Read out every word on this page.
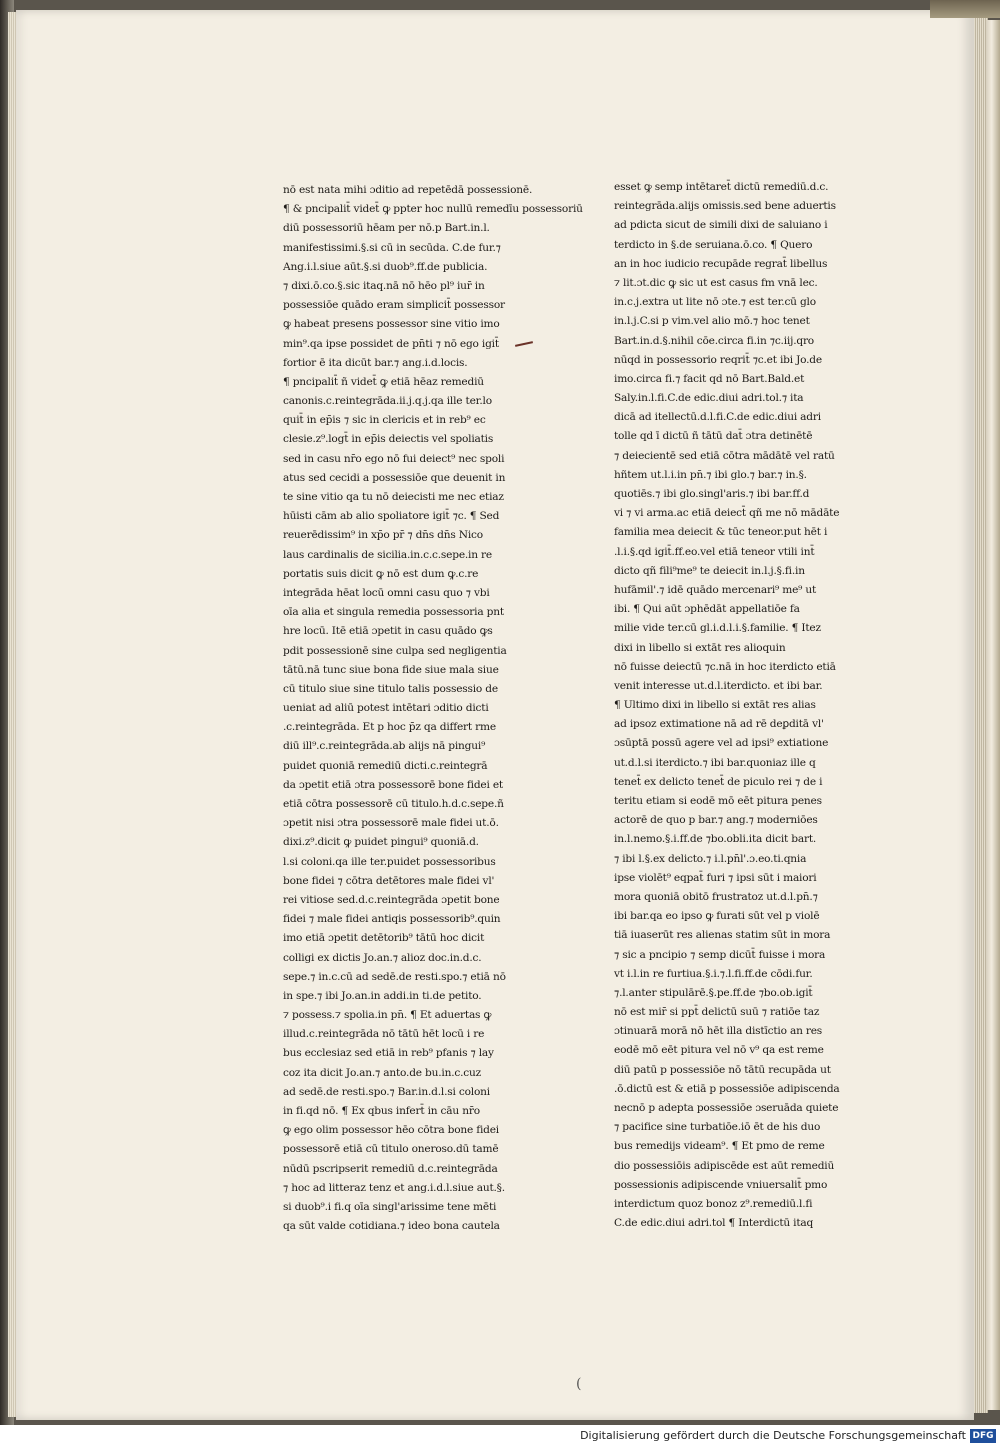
nō est nata mihi ɔditio ad repetēdā possessionē.

¶ & pncipalit̄ videt̄ ꝙ ppter hoc nullū remedīu possessoriū

diū possessoriū hēam per nō.p Bart.in.l.

manifestissimi.§.si cū in secūda. C.de fur.⁊

Ang.i.l.siue aūt.§.si duob⁹.ff.de publicia.

⁊ dixi.ō.co.§.sic itaq.nā nō hēo pl⁹ iur̄ in

possessiōe quādo eram simplicit̄ possessor

ꝙ habeat presens possessor sine vitio imo

min⁹.qa ipse possidet de pn̄ti ⁊ nō ego igit̄

fortior ē ita dicūt bar.⁊ ang.i.d.locis.

¶ pncipalit̄ ñ videt̄ ꝙ etiā hēaz remediū

canonis.c.reintegrāda.ii.j.q.j.qa ille ter.lo

quit̄ in ep̄is ⁊ sic in clericis et in reb⁹ ec

clesie.z⁹.logt̄ in ep̄is deiectis vel spoliatis

sed in casu nr̄o ego nō fui deiect⁹ nec spoli

atus sed cecidi a possessiōe que deuenit in

te sine vitio qa tu nō deiecisti me nec etiaz

hūisti cām ab alio spoliatore igit̄ ⁊c. ¶ Sed

reuerēdissim⁹ in xp̄o pr̄ ⁊ dn̄s dn̄s Nico

laus cardinalis de sicilia.in.c.c.sepe.in re

portatis suis dicit ꝙ nō est dum ꝙ.c.re

integrāda hēat locū omni casu quo ⁊ vbi

oīa alia et singula remedia possessoria pnt

hre locū. Itē etiā ɔpetit in casu quādo ꝙs

pdit possessionē sine culpa sed negligentia

tātū.nā tunc siue bona fide siue mala siue

cū titulo siue sine titulo talis possessio de

ueniat ad aliū potest intētari ɔditio dicti

.c.reintegrāda. Et p hoc p̄z qa differt rme

diū ill⁹.c.reintegrāda.ab alijs nā pingui⁹

puidet quoniā remediū dicti.c.reintegrā

da ɔpetit etiā ɔtra possessorē bone fidei et

etiā cōtra possessorē cū titulo.h.d.c.sepe.ñ

ɔpetit nisi ɔtra possessorē male fidei ut.ō.

dixi.z⁹.dicit ꝙ puidet pingui⁹ quoniā.d.

l.si coloni.qa ille ter.puidet possessoribus

bone fidei ⁊ cōtra detētores male fidei vl'

rei vitiose sed.d.c.reintegrāda ɔpetit bone

fidei ⁊ male fidei antiqis possessorib⁹.quin

imo etiā ɔpetit detētorib⁹ tātū hoc dicit

colligi ex dictis Jo.an.⁊ alioz doc.in.d.c.

sepe.⁊ in.c.cū ad sedē.de resti.spo.⁊ etiā nō

in spe.⁊ ibi Jo.an.in addi.in ti.de petito.

⁊ possess.⁊ spolia.in pn̄. ¶ Et aduertas ꝙ

illud.c.reintegrāda nō tātū hēt locū i re

bus ecclesiaz sed etiā in reb⁹ pfanis ⁊ lay

coz ita dicit Jo.an.⁊ anto.de bu.in.c.cuz

ad sedē.de resti.spo.⁊ Bar.in.d.l.si coloni

in fi.qd nō. ¶ Ex qbus infert̄ in cāu nr̄o

ꝙ ego olim possessor hēo cōtra bone fidei

possessorē etiā cū titulo oneroso.dū tamē

nūdū pscripserit remediū d.c.reintegrāda

⁊ hoc ad litteraz tenz et ang.i.d.l.siue aut.§.

si duob⁹.i fi.q oīa singl'arissime tene mēti

qa sūt valde cotidiana.⁊ ideo bona cautela

esset ꝙ semp intētaret̄ dictū remediū.d.c.

reintegrāda.alijs omissis.sed bene aduertis

ad pdicta sicut de simili dixi de saluiano i

terdicto in §.de seruiana.ō.co. ¶ Quero

an in hoc iudicio recupāde regrat̄ libellus

⁊ lit.ɔt.dic ꝙ sic ut est casus fm vnā lec.

in.c.j.extra ut lite nō ɔte.⁊ est ter.cū glo

in.l.j.C.si p vim.vel alio mō.⁊ hoc tenet

Bart.in.d.§.nihil cōe.circa fi.in ⁊c.iij.qro

nūqd in possessorio reqrit̄ ⁊c.et ibi Jo.de

imo.circa fi.⁊ facit qd nō Bart.Bald.et

Saly.in.l.fi.C.de edic.diui adri.tol.⁊ ita

dicā ad itellectū.d.l.fi.C.de edic.diui adri

tolle qd ī dictū ñ tātū dat̄ ɔtra detinētē

⁊ deiecientē sed etiā cōtra mādātē vel ratū

hñtem ut.l.i.in pn̄.⁊ ibi glo.⁊ bar.⁊ in.§.

quotiēs.⁊ ibi glo.singl'aris.⁊ ibi bar.ff.d

vi ⁊ vi arma.ac etiā deiect̄ qñ me nō mādāte

familia mea deiecit & tūc teneor.put hēt i

.l.i.§.qd igit̄.ff.eo.vel etiā teneor vtili int̄

dicto qñ fili⁹me⁹ te deiecit in.l.j.§.fi.in

hufāmil'.⁊ idē quādo mercenari⁹ me⁹ ut

ibi. ¶ Qui aūt ɔphēdāt appellatiōe fa

milie vide ter.cū gl.i.d.l.i.§.familie. ¶ Itez

dixi in libello si extāt res alioquin

nō fuisse deiectū ⁊c.nā in hoc iterdicto etiā

venit interesse ut.d.l.iterdicto. et ibi bar.

¶ Ultimo dixi in libello si extāt res alias

ad ipsoz extimatione nā ad rē deꝑditā vl'

ɔsūptā possū agere vel ad ipsi⁹ extiatione

ut.d.l.si iterdicto.⁊ ibi bar.quoniaz ille q

tenet̄ ex delicto tenet̄ de piculo rei ⁊ de i

teritu etiam si eodē mō eēt pitura penes

actorē de quo p bar.⁊ ang.⁊ moderniōes

in.l.nemo.§.i.ff.de ⁊bo.obli.ita dicit bart.

⁊ ibi l.§.ex delicto.⁊ i.l.pn̄l'.ɔ.eo.ti.qnia

ipse violēt⁹ eqpat̄ furi ⁊ ipsi sūt i maiori

mora quoniā obitō frustratoz ut.d.l.pn̄.⁊

ibi bar.qa eo ipso ꝙ furati sūt vel p violē

tiā iuaserūt res alienas statim sūt in mora

⁊ sic a pncipio ⁊ semp dicūt̄ fuisse i mora

vt i.l.in re furtiua.§.i.⁊.l.fi.ff.de cōdi.fur.

⁊.l.anter stipulārē.§.pe.ff.de ⁊bo.ob.igit̄

nō est mir̄ si ppt̄ delictū suū ⁊ ratiōe taz

ɔtinuarā morā nō hēt illa distīctio an res

eodē mō eēt pitura vel nō v⁹ qa est reme

diū patū p possessiōe nō tātū recupāda ut

.ō.dictū est & etiā p possessiōe adipiscenda

necnō p adepta possessiōe ɔseruāda quiete

⁊ pacifice sine turbatiōe.iō ēt de his duo

bus remedijs videam⁹. ¶ Et pmo de reme

dio possessiōis adipiscēde est aūt remediū

possessionis adipiscende vniuersalit̄ pmo

interdictum quoz bonoz z⁹.remediū.l.fi

C.de edic.diui adri.tol ¶ Interdictū itaq

(
Digitalisierung gefördert durch die Deutsche Forschungsgemeinschaft DFG
